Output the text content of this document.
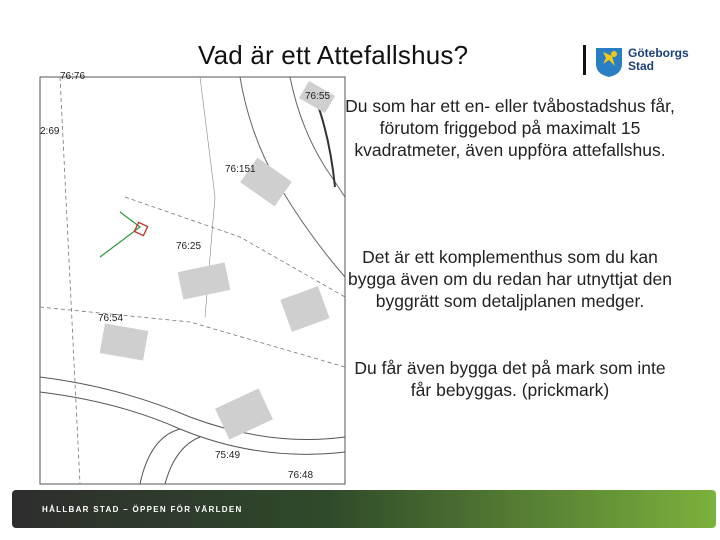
Vad är ett Attefallshus?	Göteborgs
Stad
76:55
76:151
76:25
76:54
75:49
76:48
2:69
76:76
Du som har ett en- eller tvåbostadshus får, förutom friggebod på maximalt 15 kvadratmeter, även uppföra attefallshus.
Det är ett komplementhus som du kan bygga även om du redan har utnyttjat den byggrätt som detaljplanen medger.
Du får även bygga det på mark som inte får bebyggas. (prickmark)
HÅLLBAR STAD – ÖPPEN FÖR VÄRLDEN
